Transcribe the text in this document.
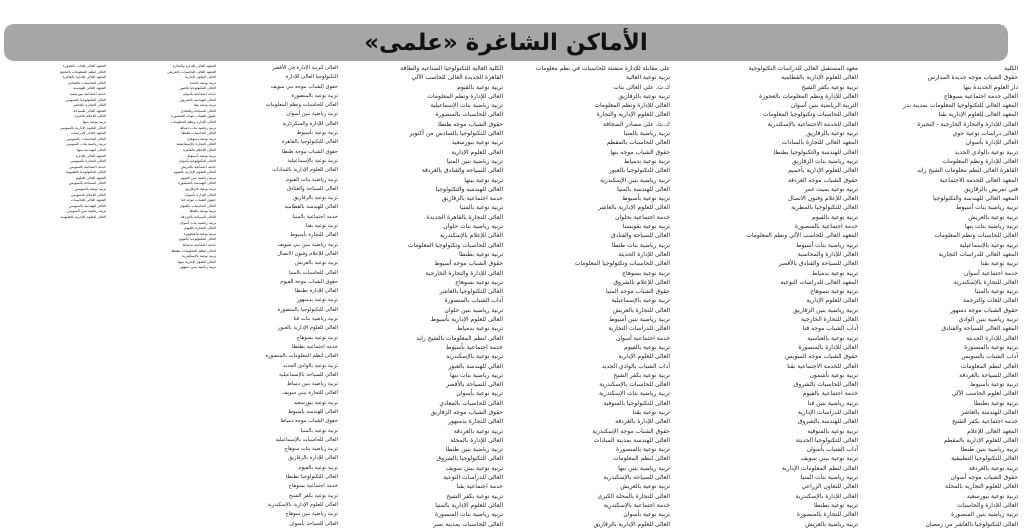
الأماكن الشاغرة «علمى»
الكلية
حقوق الشباب موجه جديدة المدارس
دار العلوم الجديدة بنها
العالى خدمة اجتماعية بسوهاج
المعهد العالى للتكنولوجيا المعلومات بمدينة بدر
المعهد العالى للعلوم الإدارية بقنا
العالى للإدارة والتجارة الخارجية - البحيرة
العالى دراسات نوعية جوي
العالى للإدارة بأسوان
تربية نوعية بالوادي الجديد
العالى للإدارة ونظم المعلومات
القاهرة العالى لنظم معلومات الشيخ زايد
المعهد العالى للخدمة الاجتماعية
فني تمريض بالزقازيق
المعهد العالى للهندسة والتكنولوجيا
تربية رياضية بنات أسيوط
تربية نوعية بالعريش
تربية رياضية بنات بنها
العالى للحاسبات ونظم المعلومات
تربية نوعية بالإسماعيلية
المعهد العالى للدراسات التجارية
تربية نوعية بقنا
خدمة اجتماعية أسوان
العالى للتجارة بالإسكندرية
تربية نوعية بالمنيا
العالى للغات والترجمة
حقوق الشباب موجه دمنهور
تربية رياضية بنين الوادي
المعهد العالى للسياحة والفنادق
العالى للإدارة الحديثة
تربية نوعية بالمنصورة
آداب الشباب بالسويس
العالى لنظم المعلومات
العالى للسياحة بالغردقة
تربية نوعية بأسيوط
العالى لعلوم الحاسب الآلي
تربية نوعية بطنطا
العالى للهندسة بالعاشر
خدمة اجتماعية بكفر الشيخ
المعهد العالى للإعلام
العالى للعلوم الإدارية بالمقطم
تربية رياضية بنين طنطا
العالى للتكنولوجيا التطبيقية
تربية نوعية بالغردقة
حقوق الشباب موجه أسوان
العالى للعلوم التجارية بالمحلة
تربية نوعية ببورسعيد
العالى للإدارة والحاسبات
تربية رياضية بنين المنصورة
العالى للتكنولوجيا بالعاشر من رمضان
معهد المستقبل العالى للدراسات التكنولوجية
العالى للعلوم الإدارية بالقطامية
تربية نوعية بكفر الشيخ
العالى للإدارة ونظم المعلومات بالعجوزة
التربية الرياضية بنين أسوان
العالى للحاسبات وتكنولوجيا المعلومات
العالى للخدمة الاجتماعية بالإسكندرية
تربية نوعية بالزقازيق
المعهد العالى للتجارة بالسادات
العالى للهندسة والتكنولوجيا بطنطا
تربية رياضية بنات الزقازيق
العالى للعلوم الإدارية بأخميم
حقوق الشباب موجه الغردقة
تربية نوعية بميت غمر
العالى للإعلام وفنون الاتصال
العالى للتكنولوجيا بالمطرية
تربية نوعية بالفيوم
خدمة اجتماعية بالمنصورة
المعهد العالى للحاسب الآلي ونظم المعلومات
تربية رياضية بنات أسيوط
العالى للإدارة والمحاسبة
العالى للسياحة والفنادق بالأقصر
تربية نوعية بدمياط
المعهد العالى للدراسات النوعية
تربية نوعية بسوهاج
العالى للعلوم الإدارية
تربية رياضية بنين الزقازيق
العالى للتجارة الخارجية
آداب الشباب موجه قنا
تربية نوعية بالعباسية
العالى للإدارة بالمنصورة
حقوق الشباب موجه السويس
العالى للخدمة الاجتماعية بقنا
تربية نوعية بأشمون
العالى للحاسبات بالشروق
خدمة اجتماعية بالفيوم
تربية رياضية بنين قنا
العالى للدراسات الإدارية
العالى للهندسة بالشروق
تربية نوعية بالمنوفية
العالى للتكنولوجيا الحديثة
آداب الشباب بأسوان
تربية نوعية ببني سويف
العالى لنظم المعلومات الإدارية
تربية رياضية بنات المنيا
العالى للتعاون الزراعي
العالى للإدارة بالإسكندرية
تربية نوعية بطنطا
العالى للتجارة بالمنصورة
تربية رياضية بالعريش
على مقابلة للإدارة منشئة للحاسبات في نظم معلومات
تربية نوعية العالية
ك.ث. على العالى بنات
تربية نوعية بالزقازيق
العالى للإدارة ونظم المعلومات
العالى للعلوم الإدارية والتجارة
ك.ث. على مصادر الصحافة
تربية رياضية بالمنيا
العالى للحاسبات بالمقطم
حقوق الشباب موجه بنها
تربية نوعية بدمياط
العالى للتكنولوجيا بالعبور
تربية رياضية بنين الإسكندرية
العالى للهندسة بالمنيا
تربية نوعية بأسيوط
العالى للعلوم الإدارية بالعاشر
خدمة اجتماعية بحلوان
تربية نوعية بقويسنا
العالى للسياحة والفنادق
تربية رياضية بنات طنطا
العالى للإدارة الحديثة
العالى للحاسبات وتكنولوجيا المعلومات
تربية نوعية بسوهاج
العالى للإعلام بالشروق
حقوق الشباب موجه المنيا
تربية نوعية بالإسماعيلية
العالى للتجارة بالعريش
تربية رياضية بنين أسيوط
العالى للدراسات التجارية
خدمة اجتماعية أسوان
تربية نوعية بالفيوم
العالى للعلوم الإدارية
آداب الشباب بالوادي الجديد
تربية نوعية بكفر الشيخ
العالى للحاسبات بالإسكندرية
تربية رياضية بنات الإسكندرية
العالى للتكنولوجيا بالمنوفية
تربية نوعية بقنا
العالى للإدارة بالغردقة
حقوق الشباب موجه الإسكندرية
العالى للهندسة بمدينة السادات
تربية نوعية بالمنصورة
العالى لنظم المعلومات
تربية رياضية بنين بنها
العالى للسياحة بالإسكندرية
تربية نوعية بالعريش
العالى للتجارة بالمحلة الكبرى
خدمة اجتماعية بالإسكندرية
تربية نوعية بأسوان
العالى للعلوم الإدارية بالزقازيق
الكلية العالية للتكنولوجيا الصناعية والطاقة
القاهرة الجديدة العالى للحاسب الآلي
تربية نوعية بالفيوم
العالى للإدارة ونظم المعلومات
تربية رياضية بنات الإسماعيلية
العالى للحاسبات بالمنصورة
حقوق الشباب موجه طنطا
العالى للتكنولوجيا بالسادس من أكتوبر
تربية نوعية ببورسعيد
العالى للعلوم الإدارية
تربية رياضية بنين المنيا
العالى للسياحة والفنادق بالغردقة
تربية نوعية ببنها
العالى للهندسة والتكنولوجيا
خدمة اجتماعية بالزقازيق
تربية نوعية بالمنيا
العالى للتجارة بالقاهرة الجديدة
تربية رياضية بنات حلوان
العالى للإعلام بالإسكندرية
العالى للحاسبات وتكنولوجيا المعلومات
تربية نوعية بطنطا
حقوق الشباب موجه أسيوط
العالى للإدارة والتجارة الخارجية
تربية نوعية بسوهاج
العالى للتكنولوجيا بالعاشر
آداب الشباب بالمنصورة
تربية رياضية بنين حلوان
العالى للعلوم الإدارية بأسيوط
تربية نوعية بدمياط
العالى لنظم المعلومات بالشيخ زايد
خدمة اجتماعية بأسيوط
تربية نوعية بالإسكندرية
العالى للهندسة بالعبور
تربية رياضية بنات بنها
العالى للسياحة بالأقصر
تربية نوعية بأسوان
العالى للحاسبات بالمعادي
حقوق الشباب موجه الزقازيق
العالى للتجارة بدمنهور
تربية نوعية بالغردقة
العالى للإدارة بالمحلة
تربية رياضية بنين طنطا
العالى للتكنولوجيا بالشروق
تربية نوعية ببني سويف
العالى للدراسات النوعية
خدمة اجتماعية بقنا
تربية نوعية بكفر الشيخ
العالى للعلوم الإدارية بالمنيا
تربية رياضية بنات المنصورة
العالى للحاسبات بمدينة نصر
العالى لتربية الإدارة في الأقصر
التكنولوجيا العالى للإدارة
حقوق الشباب موجه بني سويف
تربية نوعية بالمنصورة
العالى للحاسبات ونظم المعلومات
تربية رياضية بنين أسوان
العالى للإدارة والسكرتارية
تربية نوعية بأسيوط
العالى للتكنولوجيا بالقاهرة
حقوق الشباب موجه طنطا
تربية نوعية بالإسماعيلية
العالى للعلوم الإدارية بالسادات
تربية رياضية بنات الفيوم
العالى للسياحة والفنادق
تربية نوعية بالزقازيق
العالى للهندسة بالقطامية
خدمة اجتماعية بالمنيا
تربية نوعية بقنا
العالى للتجارة بأسيوط
تربية رياضية بنين بني سويف
العالى للإعلام وفنون الاتصال
تربية نوعية بالعريش
العالى للحاسبات بالمنيا
حقوق الشباب موجه الفيوم
العالى للإدارة بطنطا
تربية نوعية بدمنهور
العالى للتكنولوجيا بالمنصورة
تربية رياضية بنات قنا
العالى للعلوم الإدارية بالعبور
تربية نوعية بسوهاج
خدمة اجتماعية بطنطا
العالى لنظم المعلومات بالمنصورة
تربية نوعية بالوادي الجديد
العالى للسياحة بالإسماعيلية
تربية رياضية بنين دمياط
العالى للتجارة ببني سويف
تربية نوعية ببورسعيد
العالى للهندسة بأسيوط
حقوق الشباب موجه دمياط
تربية نوعية بالمنيا
العالى للحاسبات بالإسماعيلية
تربية رياضية بنات سوهاج
العالى للإدارة بالزقازيق
تربية نوعية بالفيوم
العالى للتكنولوجيا بطنطا
خدمة اجتماعية بسوهاج
تربية نوعية بكفر الشيخ
العالى للعلوم الإدارية بالإسكندرية
تربية رياضية بنين سوهاج
العالى للسياحة بأسوان
المعهد العالى للإدارة والتجارة
المعهد العالى للحاسبات بالعريش
العالى للعلوم الإدارية
تربية نوعية بالمنيا
العالى للتكنولوجيا بالعبور
خدمة اجتماعية بأسوان
العالى للهندسة بالشروق
تربية نوعية بقنا
العالى للسياحة والفنادق
حقوق الشباب موجه المنصورة
العالى للإدارة ونظم المعلومات
تربية رياضية بنات دمياط
العالى للحاسبات بطنطا
تربية نوعية بسوهاج
العالى للتجارة بالإسماعيلية
العالى للإعلام بالقاهرة
تربية نوعية بأسيوط
العالى للتكنولوجيا بأسوان
خدمة اجتماعية بالعريش
العالى للعلوم الإدارية بالفيوم
تربية رياضية بنين الفيوم
العالى للهندسة بالمنصورة
تربية نوعية بالزقازيق
العالى للإدارة بأسوان
حقوق الشباب موجه قنا
العالى للحاسبات بالفيوم
تربية نوعية بطنطا
العالى للسياحة بالغردقة
تربية رياضية بنات أسوان
العالى للتجارة بالفيوم
تربية نوعية بالمنصورة
العالى للتكنولوجيا بالفيوم
خدمة اجتماعية بدمياط
العالى لنظم المعلومات بطنطا
تربية نوعية بالإسكندرية
العالى للعلوم الإدارية ببنها
تربية رياضية بنين دمنهور
المعهد العالى للغات بالعجوزة
العالى لنظم المعلومات بالتجمع
المعهد العالى للإدارة بالقاهرة
العالى للحاسبات بالمعادي
المعهد العالى للهندسة
خدمة اجتماعية ببورسعيد
العالى للتكنولوجيا بالسويس
العالى للتجارة بالعاشر
المعهد العالى للسياحة
العالى للإعلام بالجيزة
تربية نوعية ببنها
العالى للعلوم الإدارية بالسويس
المعهد العالى للدراسات
العالى للحاسبات بالسويس
تربية رياضية بنات السويس
العالى للهندسة ببنها
المعهد العالى للإدارة
العالى للتجارة بالسويس
خدمة اجتماعية بالسويس
العالى للتكنولوجيا بالقليوبية
المعهد العالى للعلوم
العالى للسياحة بالسويس
تربية نوعية بالسويس
العالى للإعلام بالسويس
المعهد العالى للحاسبات
العالى للهندسة بالسويس
تربية رياضية بنين السويس
العالى للعلوم الإدارية بالقليوبية
